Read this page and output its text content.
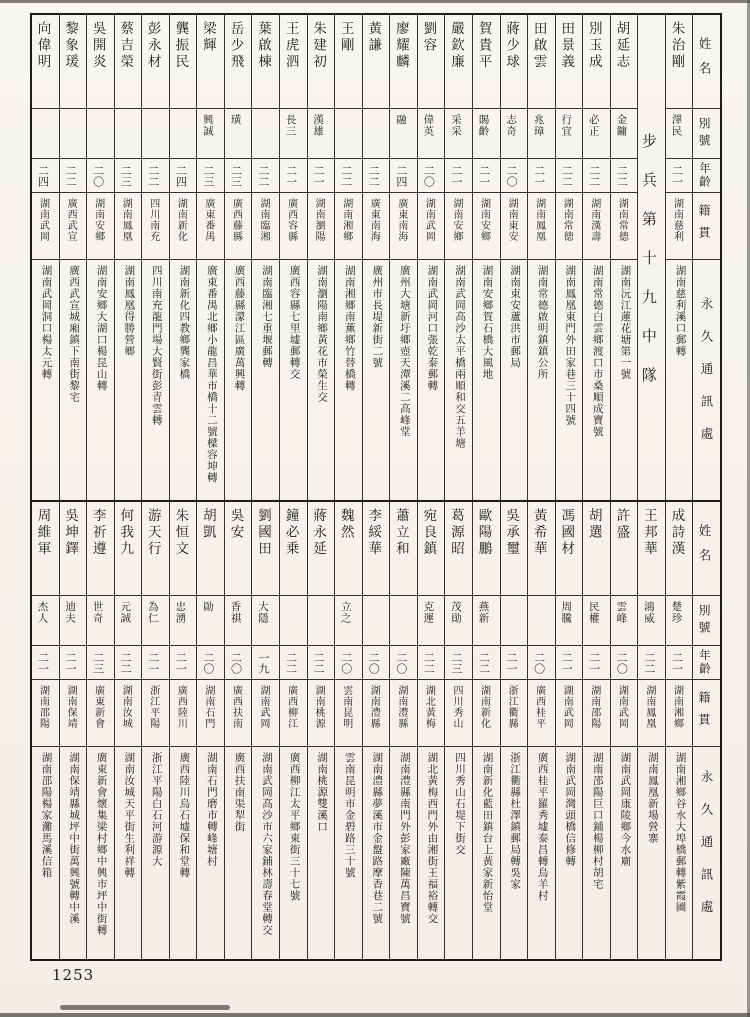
姓名
別號
年齡
籍貫
永久通訊處
朱治剛
澤民
二一
湖南慈利
湖南慈利溪口郵轉
步兵第十九中隊
胡延志
金鏞
二二
湖南常德
湖南沅江蓮花塘第一號
別玉成
必正
二二
湖南漢壽
湖南常德白雲鄉渡口市桑順成寶號
田景義
行宜
二二
湖南常德
湖南鳳凰東門外田家巷三十四號
田啟雲
兆璋
二一
湖南鳳凰
湖南常德啟明鎮鎮公所
蔣少球
志奇
二〇
湖南東安
湖南東安蘆洪市郵局
賀貴平
賜齡
二一
湖南安鄉
湖南安鄉賀石橋大風地
嚴欽廉
采采
二一
湖南安鄉
湖南武岡高沙太平橋兩順和交五羊塘
劉容
偉英
二〇
湖南武岡
湖南武岡河口張乾泰郵轉
廖耀麟
融
二四
廣東南海
廣州大塘新圩鄉壺天潭溪二高峰堂
黃謙
二二
廣東南海
廣州市長堤新街二號
王剛
二二
湖南湘鄉
湖南湘鄉南薰鄉竹替橋轉
朱建初
漢雄
二一
湖南瀏陽
湖南瀏陽南鄉黃花市榮生交
王虎泗
長三
二一
廣西容縣
廣西容縣七里墟郵轉交
葉啟棟
二二
湖南臨湘
湖南臨湘七重堰郵轉
岳少飛
璜
二三
廣西藤縣
廣西藤縣濛江區廣萬興轉
梁輝
興誠
二三
廣東番禺
廣東番禺北鄉小龍昌華市橋十二號樑容坤轉
龔振民
二四
湖南新化
湖南新化四教鄉龔家橋
彭永材
二二
四川南充
四川南充龍門場大賢街彭青雲轉
蔡吉榮
二三
湖南鳳凰
湖南鳳凰得勝營鄉
吳開炎
二〇
湖南安鄉
湖南安鄉大湖口楊昆山轉
黎象瑗
二二
廣西武宣
廣西武宣城廂鎮下南街黎宅
向偉明
二四
湖南武岡
湖南武岡洞口楊太元轉
姓名
別號
年齡
籍貫
永久通訊處
成詩漢
楚珍
二一
湖南湘鄉
湖南湘鄉谷水大埠橋郵轉紫霞圃
王邦華
鴻威
二二
湖南鳳凰
湖南鳳凰新場營寨
許盛
雲峰
二〇
湖南武岡
湖南武岡康陵鄉今水廟
胡選
民權
二一
湖南邵陽
湖南邵陽巨口鋪楊柳村胡宅
馮國材
周騰
二一
湖南武岡
湖南武岡灣頭橋信修轉
黃希華
二〇
廣西桂平
廣西桂平羅秀墟泰昌轉烏羊村
吳承璽
二一
浙江衢縣
浙江衢縣杜澤鎮郵局轉吳家
歐陽鵬
燕新
二二
湖南新化
湖南新化藍田鎮台上黃家新怡堂
葛源昭
茂勛
二三
四川秀山
四川秀山石堤下街交
宛良鎮
克運
二二
湖北黃梅
湖北黃梅西門外由湘街王福裕轉交
蕭立和
二〇
湖南澧縣
湖南澧縣南門外彭家廠陳萬昌寶號
李綏華
二〇
湖南澧縣
湖南澧縣夢溪市金盤路摩香巷二號
魏然
立之
二〇
雲南昆明
雲南昆明市金碧路三十號
蔣永延
二二
湖南桃源
湖南桃源雙溪口
鐘必乗
二二
廣西柳江
廣西柳江太平鄉東街三十七號
劉國田
大隱
一九
湖南武岡
湖南武岡高沙市六家鋪林壽春堂轉交
吳安
香祺
二〇
廣西扶南
廣西扶南渠犁街
胡凱
勛
二〇
湖南石門
湖南石門磨市轉峰塘村
朱恒文
忠湧
二一
廣西陸川
廣西陸川烏石墟保和堂轉
游天行
為仁
二一
浙江平陽
浙江平陽白石河游源大
何我九
元誠
二二
湖南汝城
湖南汝城天平街生利祥轉
李祈遵
世奇
二三
廣東新會
廣東新會懷集梁村鄉中興市坪中街轉
吳坤鐸
迪夫
二一
湖南保靖
湖南保靖縣城坪中街萬興號轉中溪
周維軍
杰人
二一
湖南邵陽
湖南邵陽楊家灘馬溪信箱
1253
